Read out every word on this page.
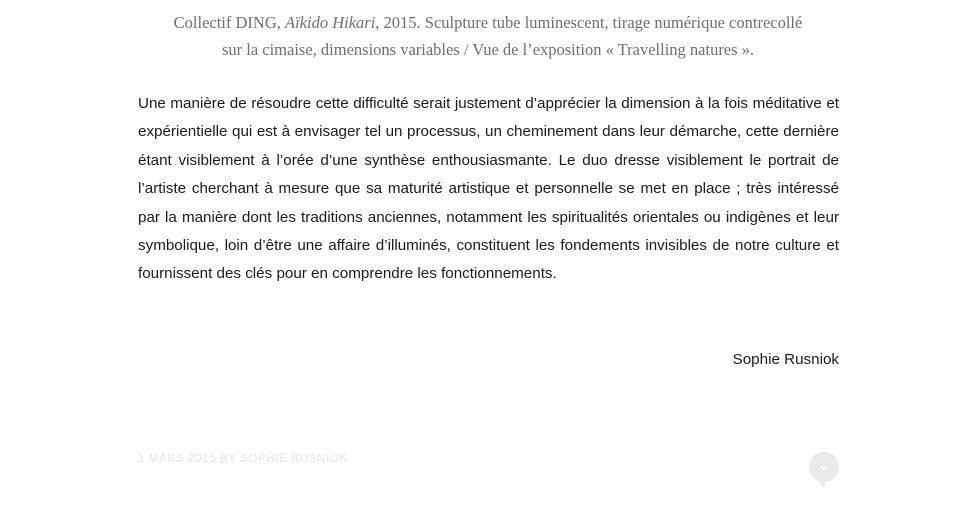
Collectif DING, Aïkido Hikari, 2015. Sculpture tube luminescent, tirage numérique contrecollé
sur la cimaise, dimensions variables / Vue de l’exposition « Travelling natures ».

Une manière de résoudre cette difficulté serait justement d’apprécier la dimension à la fois méditative et expérientielle qui est à envisager tel un processus, un cheminement dans leur démarche, cette dernière étant visiblement à l’orée d’une synthèse enthousiasmante. Le duo dresse visiblement le portrait de l’artiste cherchant à mesure que sa maturité artistique et personnelle se met en place ; très intéressé par la manière dont les traditions anciennes, notamment les spiritualités orientales ou indigènes et leur symbolique, loin d’être une affaire d’illuminés, constituent les fondements invisibles de notre culture et fournissent des clés pour en comprendre les fonctionnements.

Sophie Rusniok
1 MARS 2015 BY SOPHIE RUSNIOK	+
